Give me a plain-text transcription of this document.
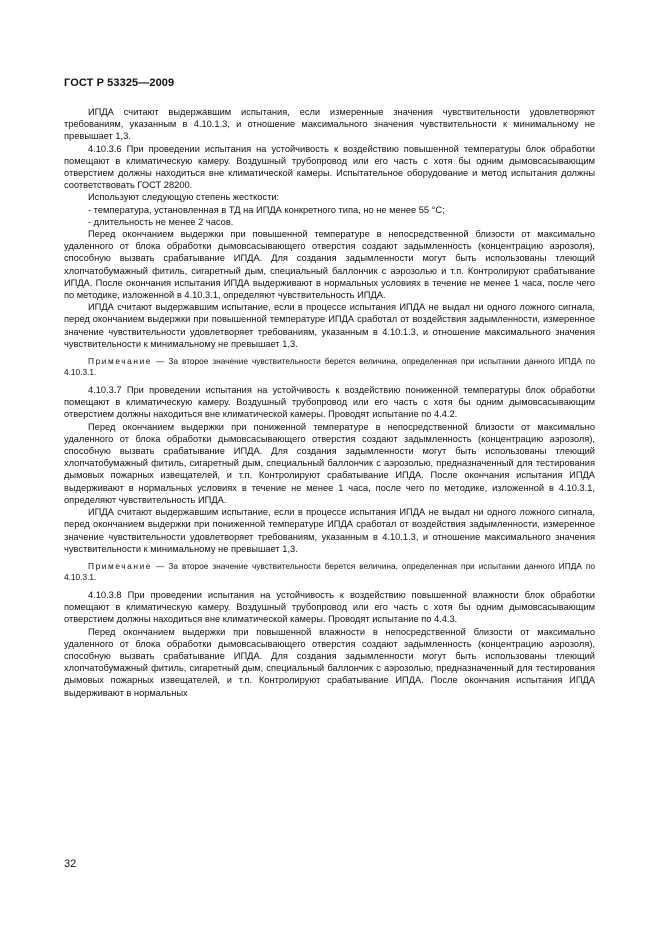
ГОСТ Р 53325—2009

ИПДА считают выдержавшим испытания, если измеренные значения чувствительности удовлетворяют требованиям, указанным в 4.10.1.3, и отношение максимального значения чувствительности к минимальному не превышает 1,3.

4.10.3.6 При проведении испытания на устойчивость к воздействию повышенной температуры блок обработки помещают в климатическую камеру. Воздушный трубопровод или его часть с хотя бы одним дымовсасывающим отверстием должны находиться вне климатической камеры. Испытательное оборудование и метод испытания должны соответствовать ГОСТ 28200.

Используют следующую степень жесткости:

- температура, установленная в ТД на ИПДА конкретного типа, но не менее 55 °С;

- длительность не менее 2 часов.

Перед окончанием выдержки при повышенной температуре в непосредственной близости от максимально удаленного от блока обработки дымовсасывающего отверстия создают задымленность (концентрацию аэрозоля), способную вызвать срабатывание ИПДА. Для создания задымленности могут быть использованы тлеющий хлопчатобумажный фитиль, сигаретный дым, специальный баллончик с аэрозолью и т.п. Контролируют срабатывание ИПДА. После окончания испытания ИПДА выдерживают в нормальных условиях в течение не менее 1 часа, после чего по методике, изложенной в 4.10.3.1, определяют чувствительность ИПДА.

ИПДА считают выдержавшим испытание, если в процессе испытания ИПДА не выдал ни одного ложного сигнала, перед окончанием выдержки при повышенной температуре ИПДА сработал от воздействия задымленности, измеренное значение чувствительности удовлетворяет требованиям, указанным в 4.10.1.3, и отношение максимального значения чувствительности к минимальному не превышает 1,3.

Примечание — За второе значение чувствительности берется величина, определенная при испытании данного ИПДА по 4.10.3.1.

4.10.3.7 При проведении испытания на устойчивость к воздействию пониженной температуры блок обработки помещают в климатическую камеру. Воздушный трубопровод или его часть с хотя бы одним дымовсасывающим отверстием должны находиться вне климатической камеры. Проводят испытание по 4.4.2.

Перед окончанием выдержки при пониженной температуре в непосредственной близости от максимально удаленного от блока обработки дымовсасывающего отверстия создают задымленность (концентрацию аэрозоля), способную вызвать срабатывание ИПДА. Для создания задымленности могут быть использованы тлеющий хлопчатобумажный фитиль, сигаретный дым, специальный баллончик с аэрозолью, предназначенный для тестирования дымовых пожарных извещателей, и т.п. Контролируют срабатывание ИПДА. После окончания испытания ИПДА выдерживают в нормальных условиях в течение не менее 1 часа, после чего по методике, изложенной в 4.10.3.1, определяют чувствительность ИПДА.

ИПДА считают выдержавшим испытание, если в процессе испытания ИПДА не выдал ни одного ложного сигнала, перед окончанием выдержки при пониженной температуре ИПДА сработал от воздействия задымленности, измеренное значение чувствительности удовлетворяет требованиям, указанным в 4.10.1.3, и отношение максимального значения чувствительности к минимальному не превышает 1,3.

Примечание — За второе значение чувствительности берется величина, определенная при испытании данного ИПДА по 4.10.3.1.

4.10.3.8 При проведении испытания на устойчивость к воздействию повышенной влажности блок обработки помещают в климатическую камеру. Воздушный трубопровод или его часть с хотя бы одним дымовсасывающим отверстием должны находиться вне климатической камеры. Проводят испытание по 4.4.3.

Перед окончанием выдержки при повышенной влажности в непосредственной близости от максимально удаленного от блока обработки дымовсасывающего отверстия создают задымленность (концентрацию аэрозоля), способную вызвать срабатывание ИПДА. Для создания задымленности могут быть использованы тлеющий хлопчатобумажный фитиль, сигаретный дым, специальный баллончик с аэрозолью, предназначенный для тестирования дымовых пожарных извещателей, и т.п. Контролируют срабатывание ИПДА. После окончания испытания ИПДА выдерживают в нормальных

32
